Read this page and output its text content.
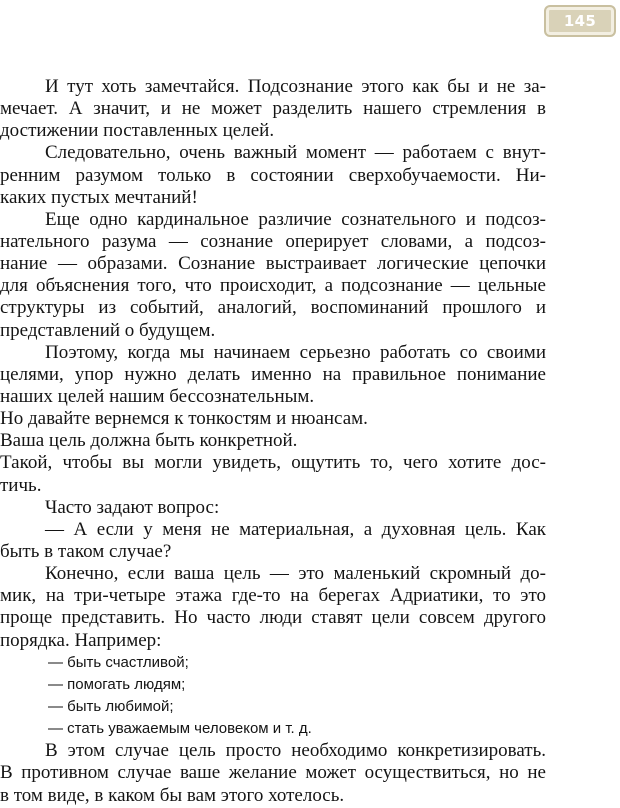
145
И тут хоть замечтайся. Подсознание этого как бы и не за-
мечает. А значит, и не может разделить нашего стремления в
достижении поставленных целей.
Следовательно, очень важный момент — работаем с внут-
ренним разумом только в состоянии сверхобучаемости. Ни-
каких пустых мечтаний!
Еще одно кардинальное различие сознательного и подсоз-
нательного разума — сознание оперирует словами, а подсоз-
нание — образами. Сознание выстраивает логические цепочки
для объяснения того, что происходит, а подсознание — цельные
структуры из событий, аналогий, воспоминаний прошлого и
представлений о будущем.
Поэтому, когда мы начинаем серьезно работать со своими
целями, упор нужно делать именно на правильное понимание
наших целей нашим бессознательным.
Но давайте вернемся к тонкостям и нюансам.
Ваша цель должна быть конкретной.
Такой, чтобы вы могли увидеть, ощутить то, чего хотите дос-
тичь.
Часто задают вопрос:
— А если у меня не материальная, а духовная цель. Как
быть в таком случае?
Конечно, если ваша цель — это маленький скромный до-
мик, на три-четыре этажа где-то на берегах Адриатики, то это
проще представить. Но часто люди ставят цели совсем другого
порядка. Например:
— быть счастливой;
— помогать людям;
— быть любимой;
— стать уважаемым человеком и т. д.
В этом случае цель просто необходимо конкретизировать.
В противном случае ваше желание может осуществиться, но не
в том виде, в каком бы вам этого хотелось.
